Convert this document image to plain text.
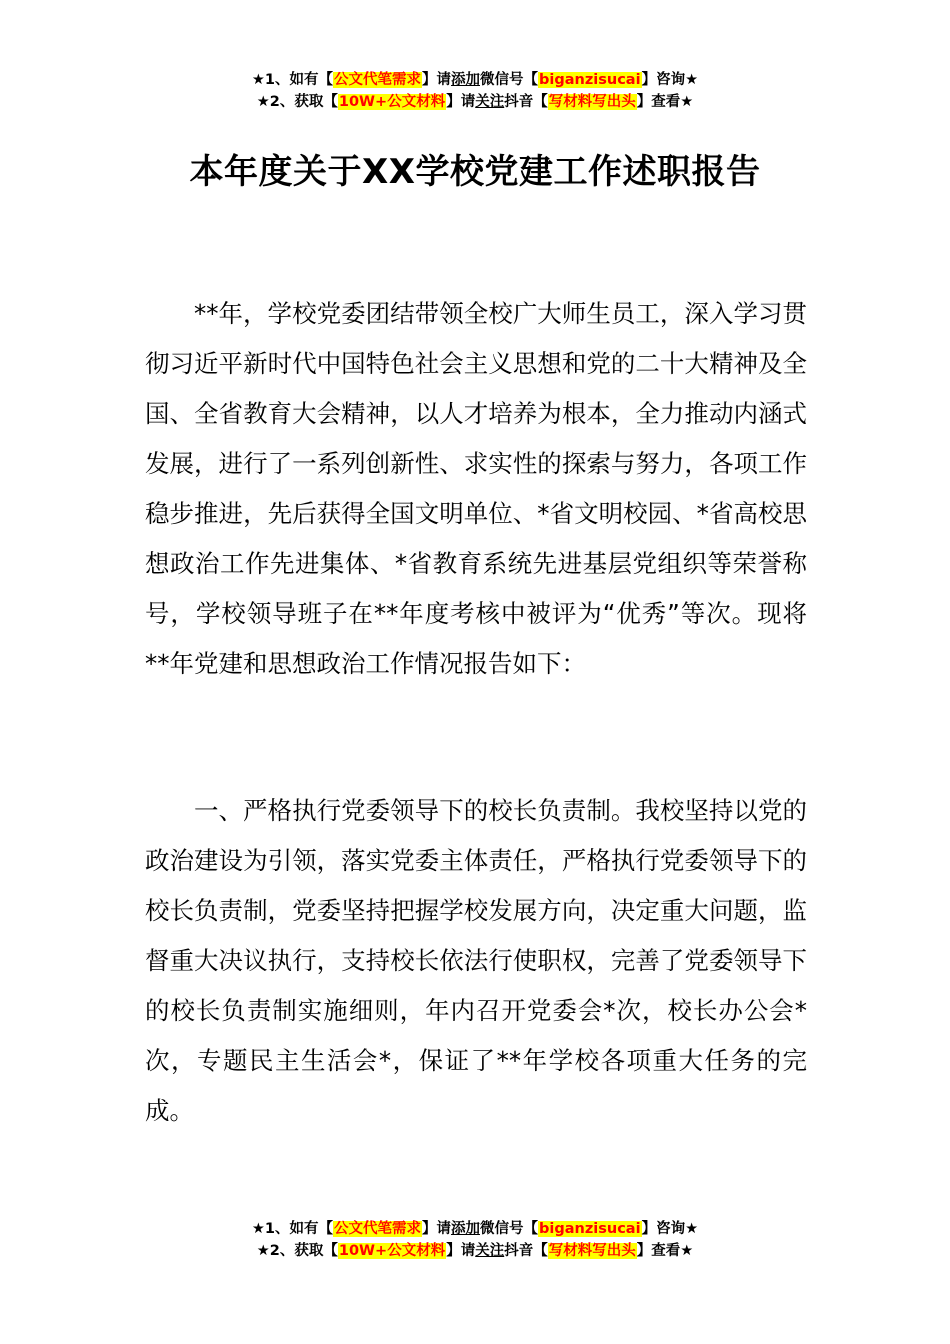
★1、如有【公文代笔需求】请添加微信号【biganzisucai】咨询★
★2、获取【10W+公文材料】请关注抖音【写材料写出头】查看★
本年度关于XX学校党建工作述职报告

**年，学校党委团结带领全校广大师生员工，深入学习贯彻习近平新时代中国特色社会主义思想和党的二十大精神及全国、全省教育大会精神，以人才培养为根本，全力推动内涵式发展，进行了一系列创新性、求实性的探索与努力，各项工作稳步推进，先后获得全国文明单位、*省文明校园、*省高校思想政治工作先进集体、*省教育系统先进基层党组织等荣誉称号，学校领导班子在**年度考核中被评为“优秀”等次。现将**年党建和思想政治工作情况报告如下：

一、严格执行党委领导下的校长负责制。我校坚持以党的政治建设为引领，落实党委主体责任，严格执行党委领导下的校长负责制，党委坚持把握学校发展方向，决定重大问题，监督重大决议执行，支持校长依法行使职权，完善了党委领导下的校长负责制实施细则，年内召开党委会*次，校长办公会*次，专题民主生活会*，保证了**年学校各项重大任务的完成。

★1、如有【公文代笔需求】请添加微信号【biganzisucai】咨询★
★2、获取【10W+公文材料】请关注抖音【写材料写出头】查看★
